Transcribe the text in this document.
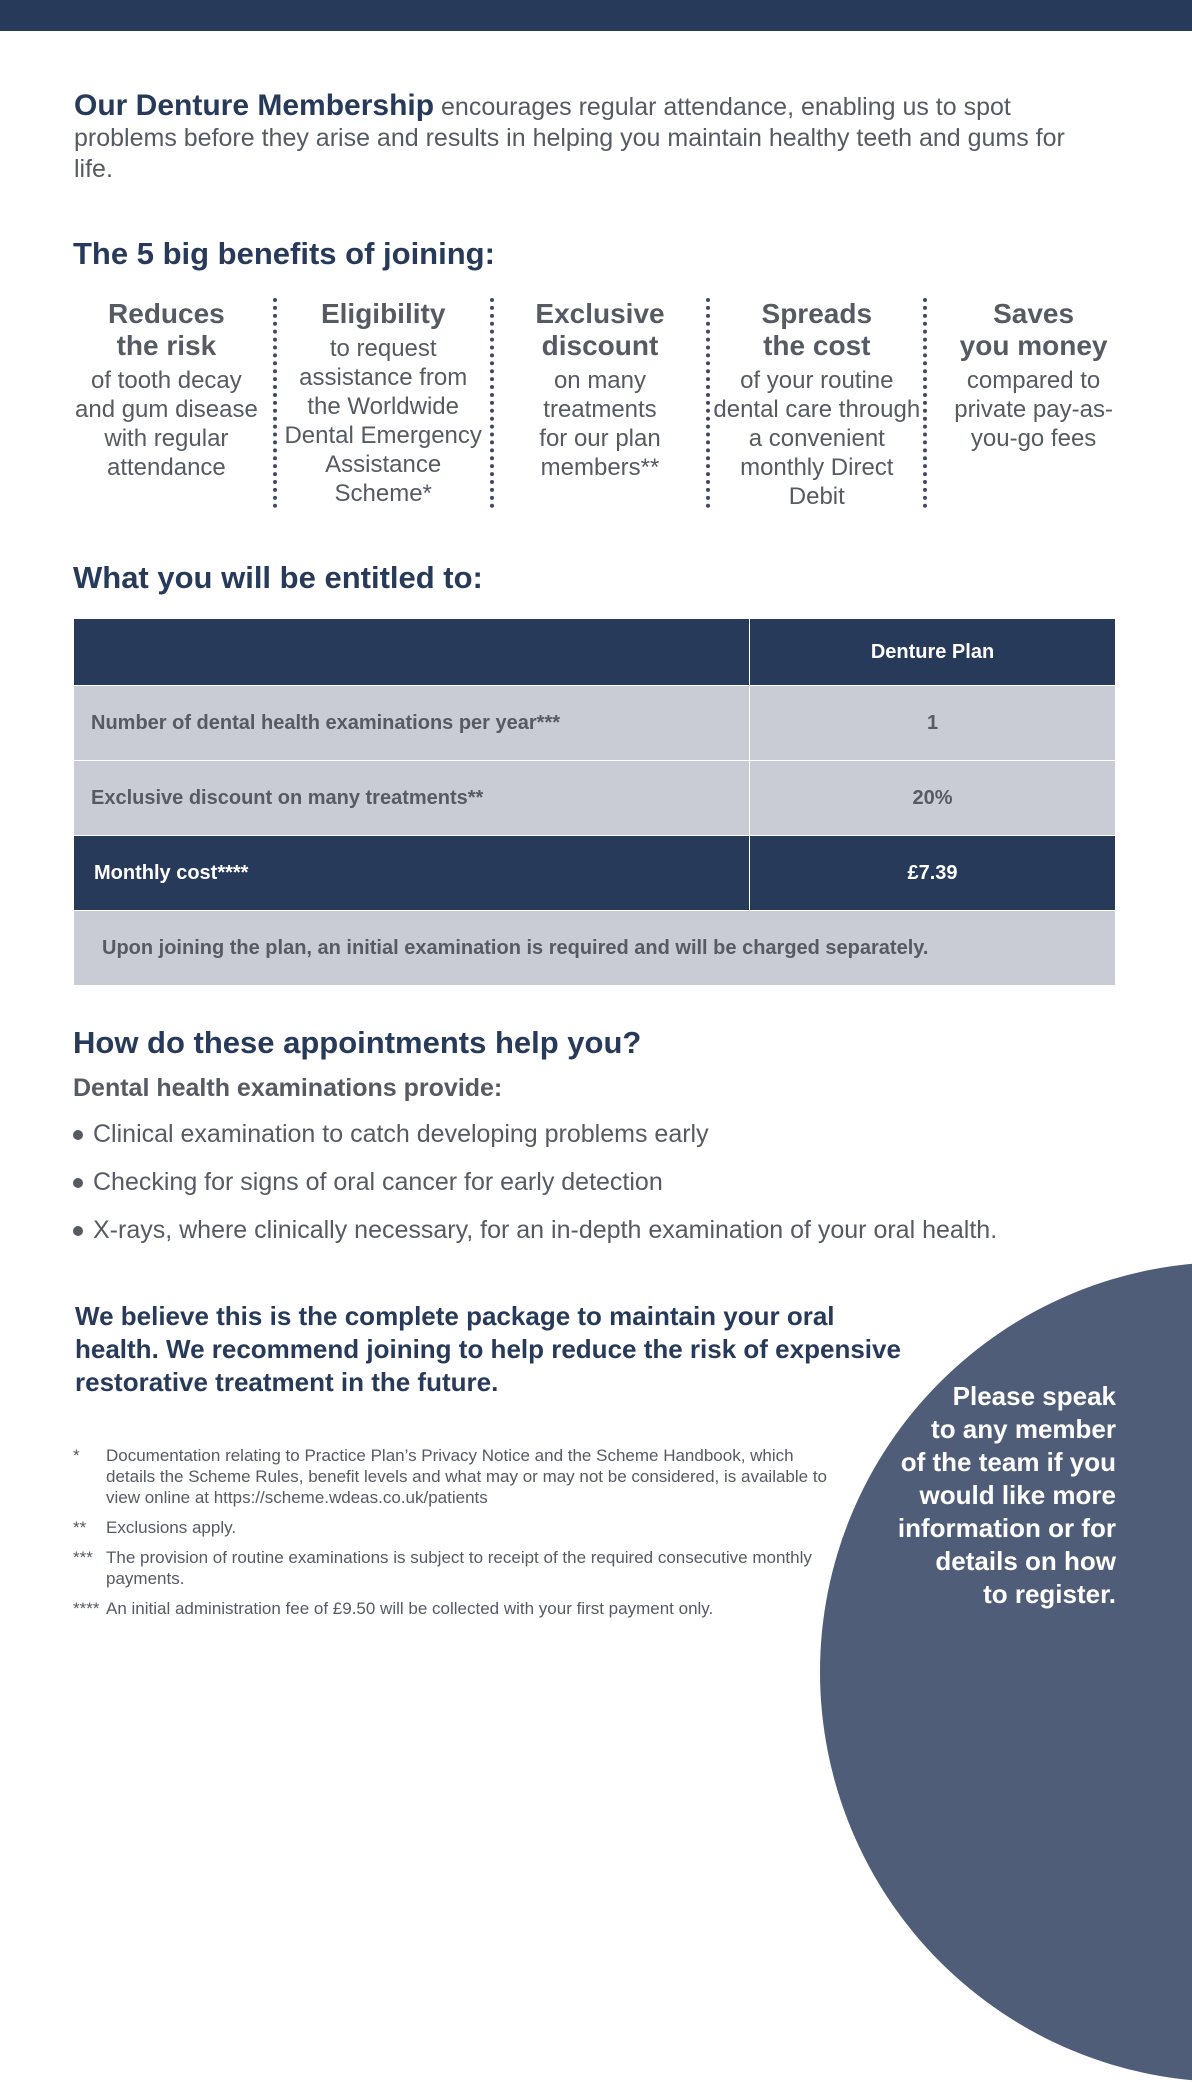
Our Denture Membership encourages regular attendance, enabling us to spot problems before they arise and results in helping you maintain healthy teeth and gums for life.

The 5 big benefits of joining:
Reduces
the risk
of tooth decay
and gum disease
with regular
attendance
Eligibility
to request
assistance from
the Worldwide
Dental Emergency
Assistance
Scheme*
Exclusive
discount
on many
treatments
for our plan
members**
Spreads
the cost
of your routine
dental care through
a convenient
monthly Direct
Debit
Saves
you money
compared to
private pay-as-
you-go fees
What you will be entitled to:
	Denture Plan
Number of dental health examinations per year***	1
Exclusive discount on many treatments**	20%
Monthly cost****	£7.39
Upon joining the plan, an initial examination is required and will be charged separately.	
How do these appointments help you?
Dental health examinations provide:
Clinical examination to catch developing problems early
Checking for signs of oral cancer for early detection
X-rays, where clinically necessary, for an in-depth examination of your oral health.
We believe this is the complete package to maintain your oral health. We recommend joining to help reduce the risk of expensive restorative treatment in the future.
*	Documentation relating to Practice Plan’s Privacy Notice and the Scheme Handbook, which details the Scheme Rules, benefit levels and what may or may not be considered, is available to view online at https://scheme.wdeas.co.uk/patients
**	Exclusions apply.
*** The provision of routine examinations is subject to receipt of the required consecutive monthly payments.
**** An initial administration fee of £9.50 will be collected with your first payment only.
Please speak
to any member
of the team if you
would like more
information or for
details on how
to register.
